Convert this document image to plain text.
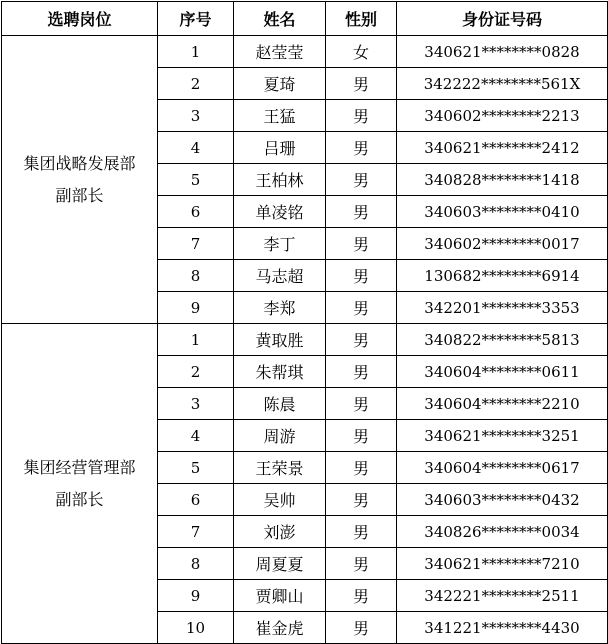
选聘岗位	序号	姓名	性别	身份证号码
集团战略发展部
副部长	1	赵莹莹	女	340621********0828
	2	夏琦	男	342222********561X
	3	王猛	男	340602********2213
	4	吕珊	男	340621********2412
	5	王柏林	男	340828********1418
	6	单凌铭	男	340603********0410
	7	李丁	男	340602********0017
	8	马志超	男	130682********6914
	9	李郑	男	342201********3353
集团经营管理部
副部长	1	黄取胜	男	340822********5813
	2	朱帮琪	男	340604********0611
	3	陈晨	男	340604********2210
	4	周游	男	340621********3251
	5	王荣景	男	340604********0617
	6	吴帅	男	340603********0432
	7	刘澎	男	340826********0034
	8	周夏夏	男	340621********7210
	9	贾卿山	男	342221********2511
	10	崔金虎	男	341221********4430
